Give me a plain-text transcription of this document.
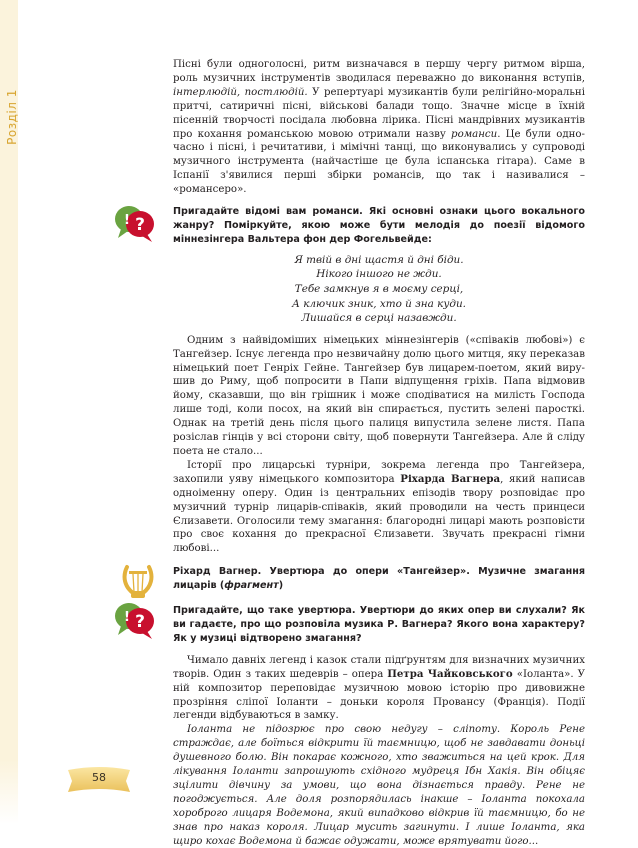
Розділ 1

Пісні були одноголосні, ритм визначався в першу чергу ритмом вірша, роль музичних інструментів зводилася переважно до виконання вступів, інтерлюдій, постлюдій. У репертуарі музикантів були релігійно-моральні притчі, сатиричні пісні, військові балади тощо. Значне місце в їхній пісенній творчості посідала любовна лірика. Пісні мандрівних музикантів про кохання романською мовою отримали назву романси. Це були одночасно і пісні, і речитативи, і мімічні танці, що виконувались у супроводі музичного інструмента (найчастіше це була іспанська гітара). Саме в Іспанії з'явилися перші збірки романсів, що так і називалися – «романсеро».

?
!

Пригадайте відомі вам романси. Які основні ознаки цього вокального жанру? Поміркуйте, якою може бути мелодія до поезії відомого міннезінгера Вальтера фон дер Фогельвейде:

Я твій в дні щастя й дні біди.
Нікого іншого не жди.
Тебе замкнув я в моєму серці,
А ключик зник, хто й зна куди.
Лишайся в серці назавжди.

Одним з найвідоміших німецьких міннезінгерів («співаків любові») є Тангейзер. Існує легенда про незвичайну долю цього митця, яку переказав німецький поет Генріх Гейне. Тангейзер був лицарем-поетом, який вирушив до Риму, щоб попросити в Папи відпущення гріхів. Папа відмовив йому, сказавши, що він грішник і може сподіватися на милість Господа лише тоді, коли посох, на який він спирається, пустить зелені паросткі. Однак на третій день після цього палиця випустила зелене листя. Папа розіслав гінців у всі сторони світу, щоб повернути Тангейзера. Але й сліду поета не стало...

Історії про лицарські турніри, зокрема легенда про Тангейзера, захопили уяву німецького композитора Ріхарда Вагнера, який написав одноіменну оперу. Один із центральних епізодів твору розповідає про музичний турнір лицарів-співаків, який проводили на честь принцеси Єлизавети. Оголосили тему змагання: благородні лицарі мають розповісти про своє кохання до прекрасної Єлизавети. Звучать прекрасні гімни любові...

Ріхард Вагнер. Увертюра до опери «Тангейзер». Музичне змагання лицарів (фрагмент)

?
!	Пригадайте, що таке увертюра. Увертюри до яких опер ви слухали? Як ви гадаєте, про що розповіла музика Р. Вагнера? Якого вона характеру? Як у музиці відтворено змагання?

Чимало давніх легенд і казок стали підґрунтям для визначних музичних творів. Один з таких шедеврів – опера Петра Чайковського «Іоланта». У ній композитор переповідає музичною мовою історію про дивовижне прозріння сліпої Іоланти – доньки короля Провансу (Франція). Події легенди відбуваються в замку.

Іоланта не підозрює про свою недугу – сліпоту. Король Рене страждає, але боїться відкрити їй таємницю, щоб не завдавати доньці душевного болю. Він покарає кожного, хто зважиться на цей крок. Для лікування Іоланти запрошують східного мудреця Ібн Хакія. Він обіцяє зцілити дівчину за умови, що вона дізнається правду. Рене не погоджується. Але доля розпорядилась інакше – Іоланта покохала хороброго лицаря Водемона, який випадково відкрив їй таємницю, бо не знав про наказ короля. Лицар мусить загинути. І лише Іоланта, яка щиро кохає Водемона й бажає одужати, може врятувати його...

58
